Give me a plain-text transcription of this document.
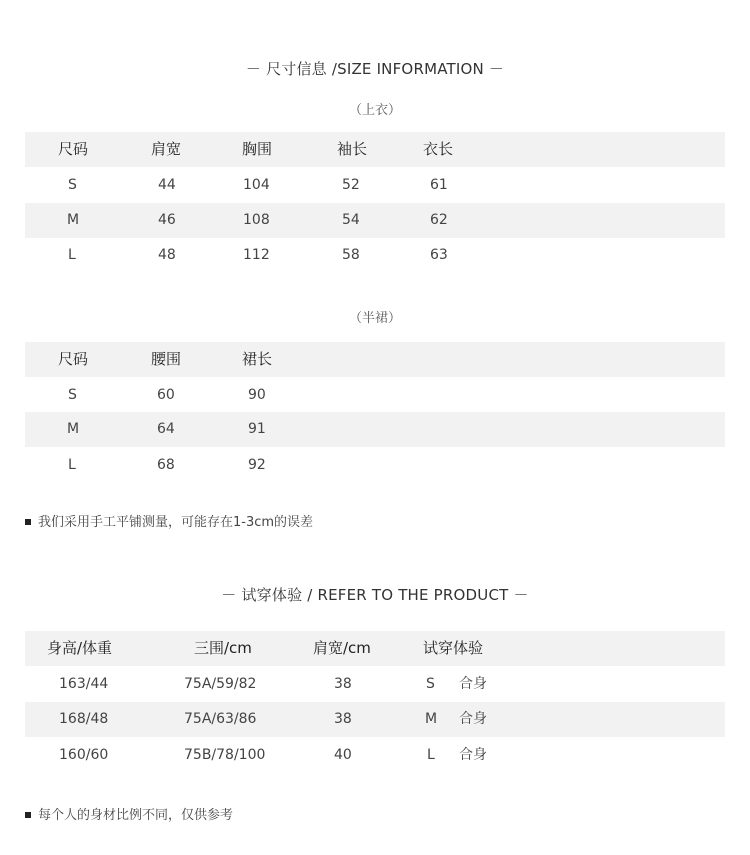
－ 尺寸信息 /SIZE INFORMATION －
（上衣）
尺码	肩宽	胸围	袖长	衣长
S	44	104	52	61
M	46	108	54	62
L	48	112	58	63
（半裙）
尺码	腰围	裙长
S	60	90
M	64	91
L	68	92
我们采用手工平铺测量，可能存在1-3cm的误差
－ 试穿体验 / REFER TO THE PRODUCT －
身高/体重	三围/cm	肩宽/cm	试穿体验
163/44	75A/59/82	38	S 合身
168/48	75A/63/86	38	M 合身
160/60	75B/78/100	40	L 合身
每个人的身材比例不同，仅供参考
